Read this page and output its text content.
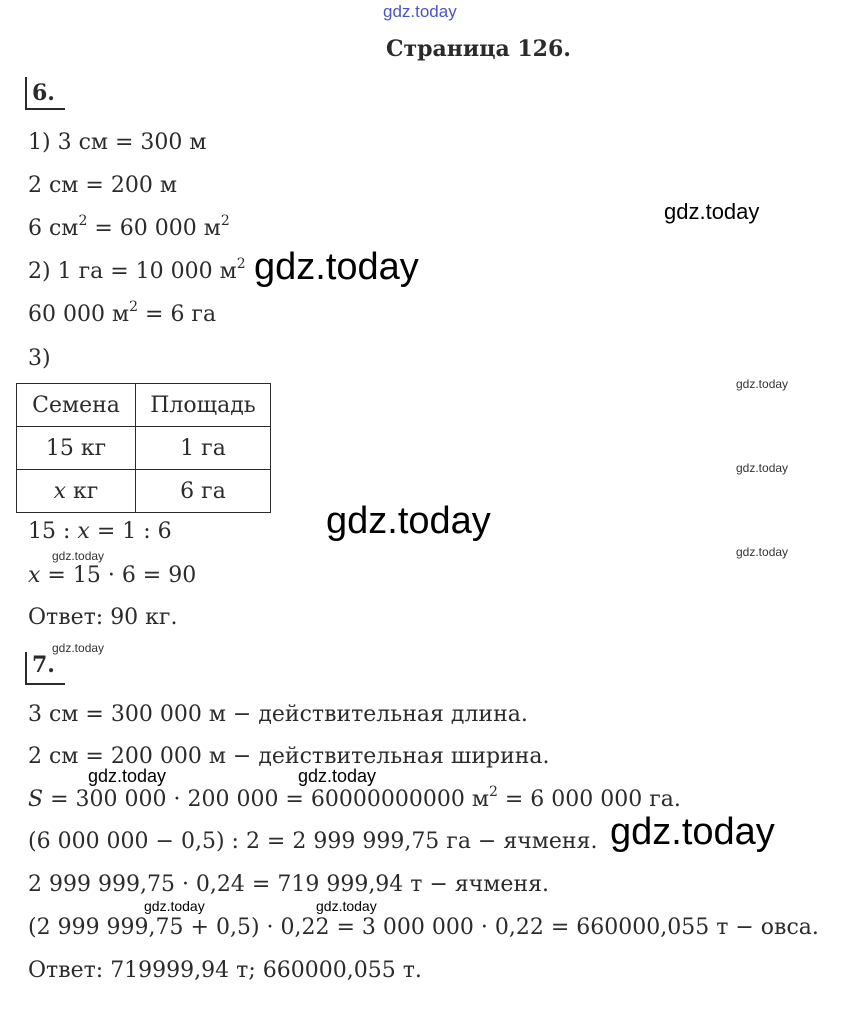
gdz.today
Страница 126.
6.
1) 3 см = 300 м
2 см = 200 м
6 $см^2 = 60$ 000 $м^2$
2) 1 га = 10 000 $м^2$
60 000 $м^2 = 6$ га
3)
Семена	Площадь
15 кг	1 га
x кг	6 га
15 : x = 1 : 6
x = 15 · 6 = 90
Ответ: 90 кг.
7.
3 см = 300 000 м − действительная длина.
2 см = 200 000 м − действительная ширина.
S = 300 000 · 200 000 = 60000000000 $м^2 = 6$ 000 000 га.
(6 000 000 − 0,5) : 2 = 2 999 999,75 га − ячменя.
2 999 999,75 · 0,24 = 719 999,94 т − ячменя.
(2 999 999,75 + 0,5) · 0,22 = 3 000 000 · 0,22 = 660000,055 т − овса.
Ответ: 719999,94 т; 660000,055 т.
gdz.today
gdz.today
gdz.today
gdz.today
gdz.today
gdz.today
gdz.today
gdz.today
gdz.today	gdz.today
gdz.today
gdz.today	gdz.today
